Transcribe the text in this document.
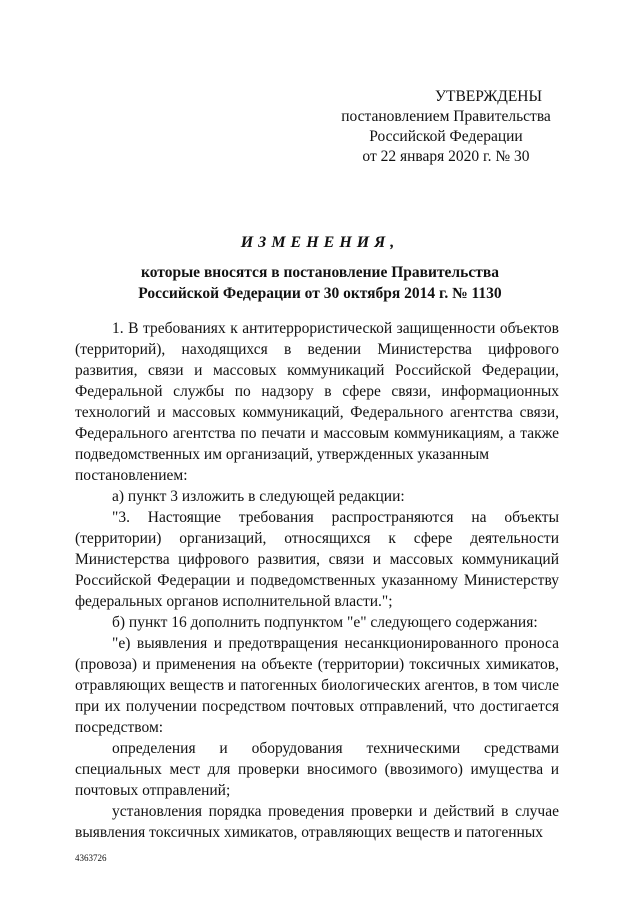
УТВЕРЖДЕНЫ
постановлением Правительства
Российской Федерации
от 22 января 2020 г. № 30
ИЗМЕНЕНИЯ,
которые вносятся в постановление Правительства
Российской Федерации от 30 октября 2014 г. № 1130

1. В требованиях к антитеррористической защищенности объектов (территорий), находящихся в ведении Министерства цифрового развития, связи и массовых коммуникаций Российской Федерации, Федеральной службы по надзору в сфере связи, информационных технологий и массовых коммуникаций, Федерального агентства связи, Федерального агентства по печати и массовым коммуникациям, а также подведомственных им организаций, утвержденных указанным

постановлением:

а) пункт 3 изложить в следующей редакции:

"3. Настоящие требования распространяются на объекты (территории) организаций, относящихся к сфере деятельности Министерства цифрового развития, связи и массовых коммуникаций Российской Федерации и подведомственных указанному Министерству федеральных органов исполнительной власти.";

б) пункт 16 дополнить подпунктом "е" следующего содержания:

"е) выявления и предотвращения несанкционированного проноса (провоза) и применения на объекте (территории) токсичных химикатов, отравляющих веществ и патогенных биологических агентов, в том числе при их получении посредством почтовых отправлений, что достигается посредством:

определения и оборудования техническими средствами специальных мест для проверки вносимого (ввозимого) имущества и почтовых отправлений;

установления порядка проведения проверки и действий в случае выявления токсичных химикатов, отравляющих веществ и патогенных

4363726
